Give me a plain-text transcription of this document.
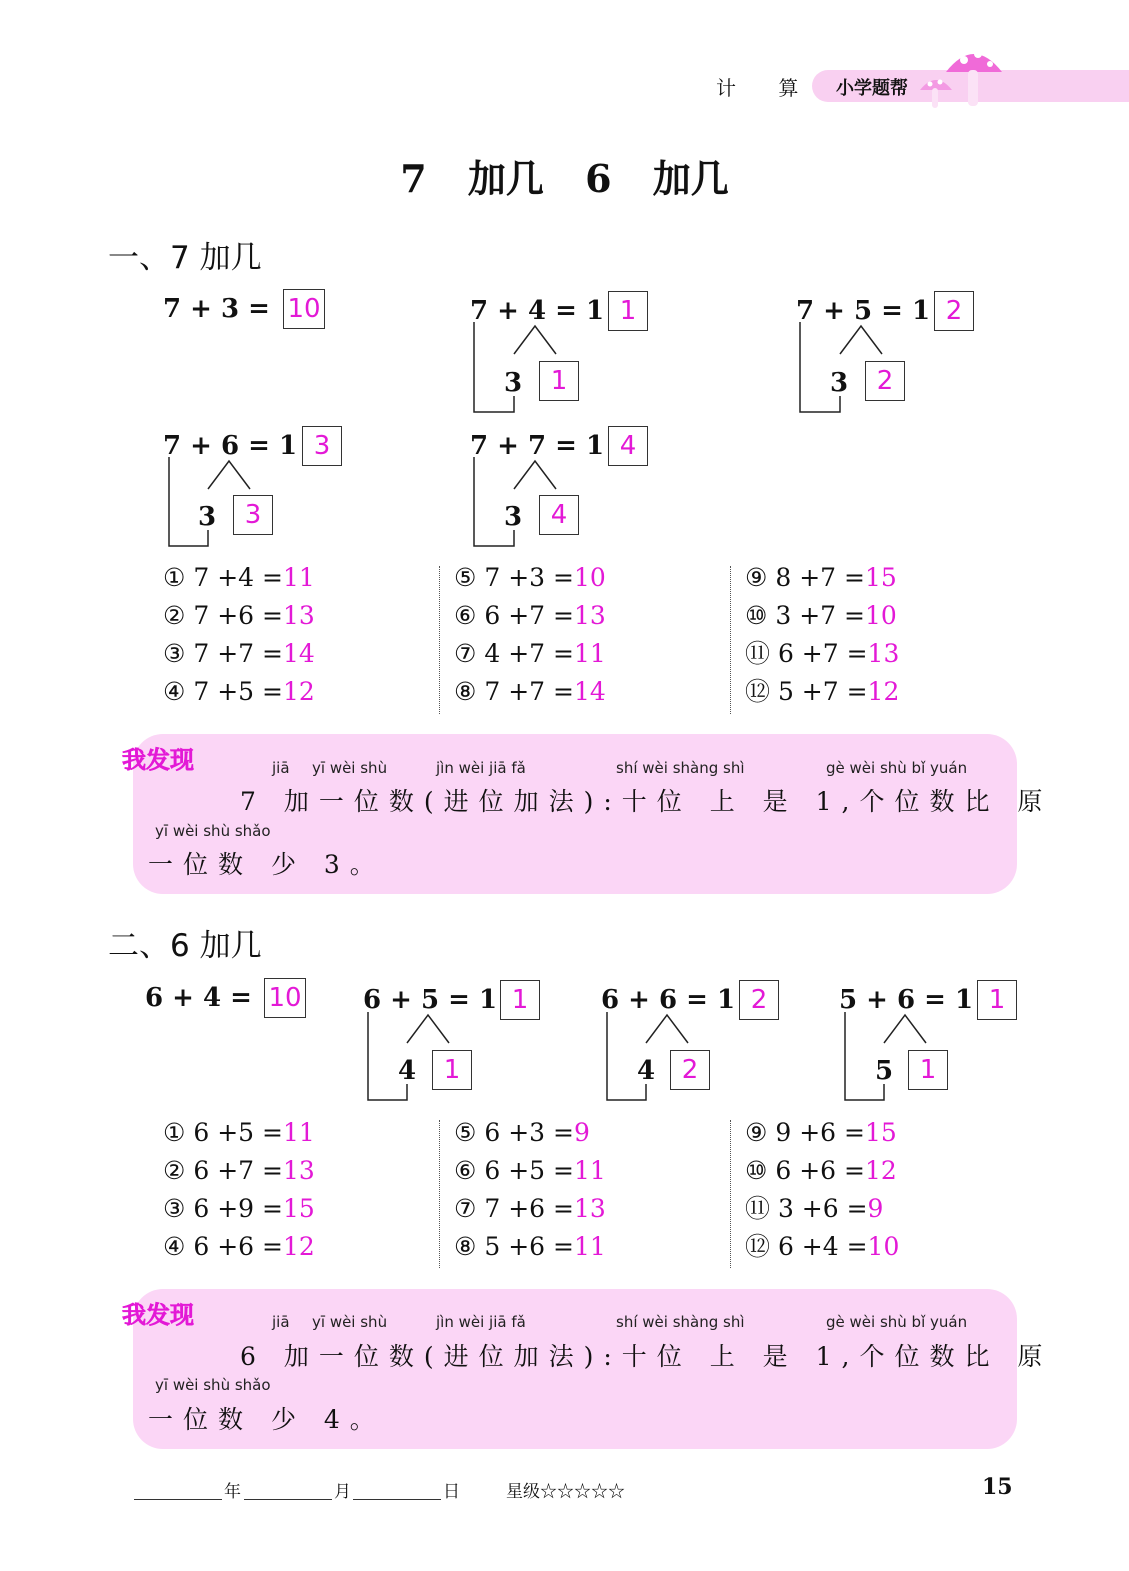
计 算 小学题帮
7 加几 6 加几
一、7 加几
7 + 3 = 10	7 + 4 = 1 1
3	1
7 + 5 = 1 2
3	2
7 + 6 = 1 3
3	3
7 + 7 = 1 4
3	4
① 7 +4 =11
② 7 +6 =13
③ 7 +7 =14
④ 7 +5 =12
⑤ 7 +3 =10
⑥ 6 +7 =13
⑦ 4 +7 =11
⑧ 7 +7 =14
⑨ 8 +7 =15
⑩ 3 +7 =10
⑪ 6 +7 =13
⑫ 5 +7 =12
我发现	jiā yī wèi shù	jìn wèi jiā fǎ	shí wèi shàng shì	gè wèi shù bǐ yuán
7 加一位数(进位加法):十位 上 是 1,个位数比 原
yī wèi shù shǎo
一位数 少 3。
二、6 加几
6 + 4 = 10 6 + 5 = 1 1
4	1
6 + 6 = 1 2
4	2
5 + 6 = 1 1
5	1
① 6 +5 =11
② 6 +7 =13
③ 6 +9 =15
④ 6 +6 =12
⑤ 6 +3 =9
⑥ 6 +5 =11
⑦ 7 +6 =13
⑧ 5 +6 =11
⑨ 9 +6 =15
⑩ 6 +6 =12
⑪ 3 +6 =9
⑫ 6 +4 =10
我发现	jiā yī wèi shù	jìn wèi jiā fǎ	shí wèi shàng shì	gè wèi shù bǐ yuán
6 加一位数(进位加法):十位 上 是 1,个位数比 原
yī wèi shù shǎo
一位数 少 4。
年	月	日	星级☆☆☆☆☆	15
